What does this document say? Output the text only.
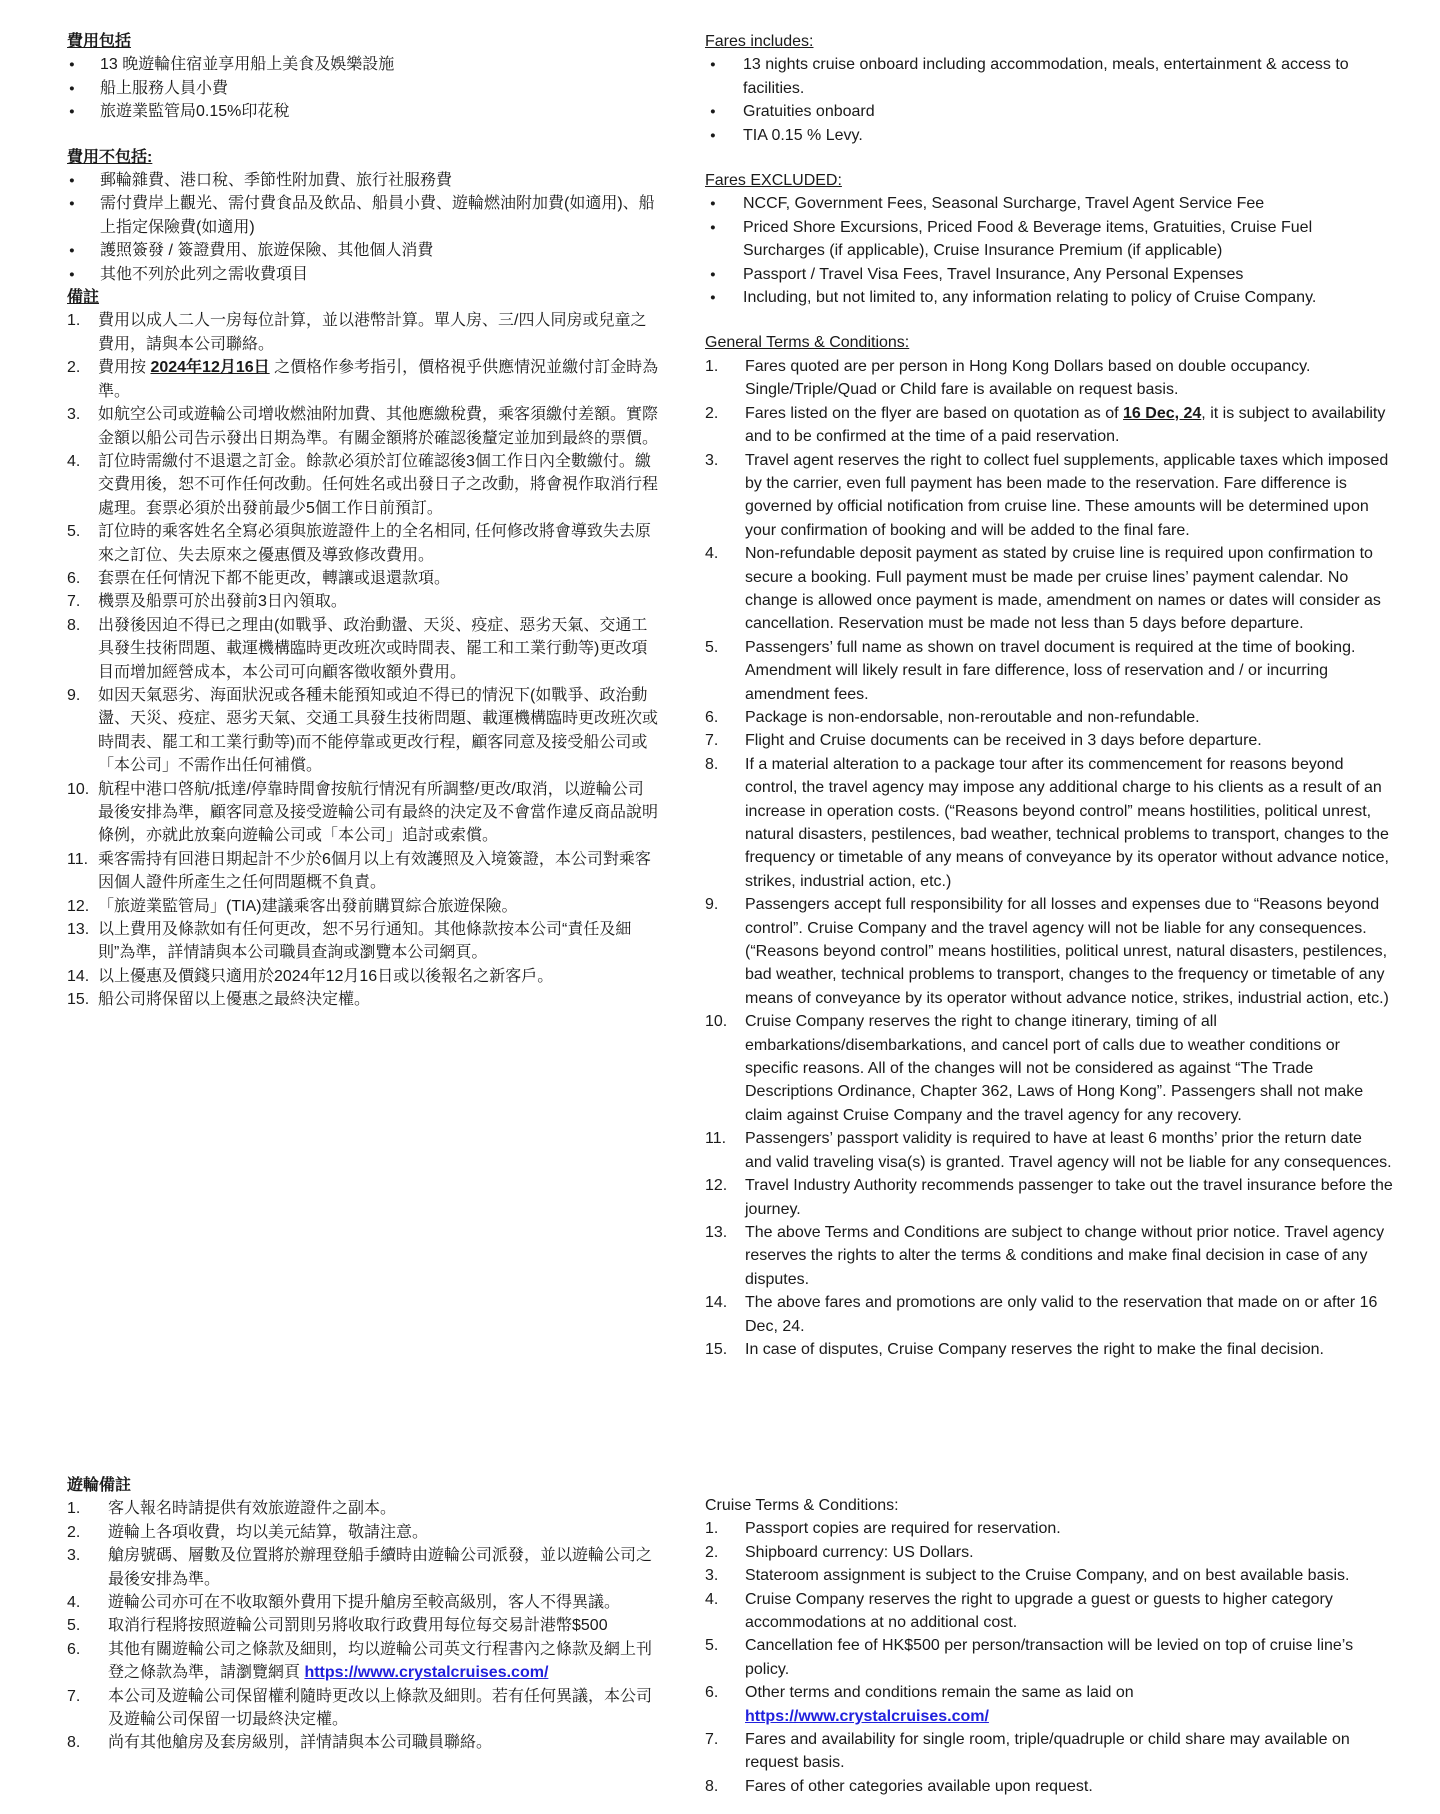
費用包括
● 13 晚遊輪住宿並享用船上美食及娛樂設施
● 船上服務人員小費
● 旅遊業監管局0.15%印花稅
費用不包括:
● 郵輪雜費、港口稅、季節性附加費、旅行社服務費
● 需付費岸上觀光、需付費食品及飲品、船員小費、遊輪燃油附加費(如適用)、船上指定保險費(如適用)
● 護照簽發 / 簽證費用、旅遊保險、其他個人消費
● 其他不列於此列之需收費項目
備註
1. 費用以成人二人一房每位計算，並以港幣計算。單人房、三/四人同房或兒童之費用，請與本公司聯絡。
2. 費用按 2024年12月16日 之價格作參考指引，價格視乎供應情況並繳付訂金時為準。
3. 如航空公司或遊輪公司增收燃油附加費、其他應繳稅費，乘客須繳付差額。實際金額以船公司告示發出日期為準。有關金額將於確認後釐定並加到最終的票價。
4. 訂位時需繳付不退還之訂金。餘款必須於訂位確認後3個工作日內全數繳付。繳交費用後，恕不可作任何改動。任何姓名或出發日子之改動，將會視作取消行程處理。套票必須於出發前最少5個工作日前預訂。
5. 訂位時的乘客姓名全寫必須與旅遊證件上的全名相同, 任何修改將會導致失去原來之訂位、失去原來之優惠價及導致修改費用。
6. 套票在任何情況下都不能更改，轉讓或退還款項。
7. 機票及船票可於出發前3日內領取。
8. 出發後因迫不得已之理由(如戰爭、政治動盪、天災、疫症、惡劣天氣、交通工具發生技術問題、載運機構臨時更改班次或時間表、罷工和工業行動等)更改項目而增加經營成本，本公司可向顧客徵收額外費用。
9. 如因天氣惡劣、海面狀況或各種未能預知或迫不得已的情況下(如戰爭、政治動盪、天災、疫症、惡劣天氣、交通工具發生技術問題、載運機構臨時更改班次或時間表、罷工和工業行動等)而不能停靠或更改行程，顧客同意及接受船公司或「本公司」不需作出任何補償。
10. 航程中港口啓航/抵達/停靠時間會按航行情況有所調整/更改/取消，以遊輪公司最後安排為準，顧客同意及接受遊輪公司有最終的決定及不會當作違反商品說明條例，亦就此放棄向遊輪公司或「本公司」追討或索償。
11. 乘客需持有回港日期起計不少於6個月以上有效護照及入境簽證，本公司對乘客因個人證件所產生之任何問題概不負責。
12. 「旅遊業監管局」(TIA)建議乘客出發前購買綜合旅遊保險。
13. 以上費用及條款如有任何更改，恕不另行通知。其他條款按本公司“責任及細則”為準，詳情請與本公司職員查詢或瀏覽本公司網頁。
14. 以上優惠及價錢只適用於2024年12月16日或以後報名之新客戶。
15. 船公司將保留以上優惠之最終決定權。
遊輪備註
1. 客人報名時請提供有效旅遊證件之副本。
2. 遊輪上各項收費，均以美元結算，敬請注意。
3. 艙房號碼、層數及位置將於辦理登船手續時由遊輪公司派發，並以遊輪公司之最後安排為準。
4. 遊輪公司亦可在不收取額外費用下提升艙房至較高級別，客人不得異議。
5. 取消行程將按照遊輪公司罰則另將收取行政費用每位每交易計港幣$500
6. 其他有關遊輪公司之條款及細則，均以遊輪公司英文行程書內之條款及網上刊登之條款為準，請瀏覽網頁 https://www.crystalcruises.com/
7. 本公司及遊輪公司保留權利隨時更改以上條款及細則。若有任何異議，本公司及遊輪公司保留一切最終決定權。
8. 尚有其他艙房及套房級別，詳情請與本公司職員聯絡。
Fares includes:
● 13 nights cruise onboard including accommodation, meals, entertainment & access to facilities.
● Gratuities onboard
● TIA 0.15 % Levy.
Fares EXCLUDED:
● NCCF, Government Fees, Seasonal Surcharge, Travel Agent Service Fee
● Priced Shore Excursions, Priced Food & Beverage items, Gratuities, Cruise Fuel Surcharges (if applicable), Cruise Insurance Premium (if applicable)
● Passport / Travel Visa Fees, Travel Insurance, Any Personal Expenses
● Including, but not limited to, any information relating to policy of Cruise Company.
General Terms & Conditions:
1. Fares quoted are per person in Hong Kong Dollars based on double occupancy. Single/Triple/Quad or Child fare is available on request basis.
2. Fares listed on the flyer are based on quotation as of 16 Dec, 24, it is subject to availability and to be confirmed at the time of a paid reservation.
3. Travel agent reserves the right to collect fuel supplements, applicable taxes which imposed by the carrier, even full payment has been made to the reservation. Fare difference is governed by official notification from cruise line. These amounts will be determined upon your confirmation of booking and will be added to the final fare.
4. Non-refundable deposit payment as stated by cruise line is required upon confirmation to secure a booking. Full payment must be made per cruise lines’ payment calendar. No change is allowed once payment is made, amendment on names or dates will consider as cancellation. Reservation must be made not less than 5 days before departure.
5. Passengers’ full name as shown on travel document is required at the time of booking. Amendment will likely result in fare difference, loss of reservation and / or incurring amendment fees.
6. Package is non-endorsable, non-reroutable and non-refundable.
7. Flight and Cruise documents can be received in 3 days before departure.
8. If a material alteration to a package tour after its commencement for reasons beyond control, the travel agency may impose any additional charge to his clients as a result of an increase in operation costs. (“Reasons beyond control” means hostilities, political unrest, natural disasters, pestilences, bad weather, technical problems to transport, changes to the frequency or timetable of any means of conveyance by its operator without advance notice, strikes, industrial action, etc.)
9. Passengers accept full responsibility for all losses and expenses due to “Reasons beyond control”. Cruise Company and the travel agency will not be liable for any consequences. (“Reasons beyond control” means hostilities, political unrest, natural disasters, pestilences, bad weather, technical problems to transport, changes to the frequency or timetable of any means of conveyance by its operator without advance notice, strikes, industrial action, etc.)
10. Cruise Company reserves the right to change itinerary, timing of all embarkations/disembarkations, and cancel port of calls due to weather conditions or specific reasons. All of the changes will not be considered as against “The Trade Descriptions Ordinance, Chapter 362, Laws of Hong Kong”. Passengers shall not make claim against Cruise Company and the travel agency for any recovery.
11. Passengers’ passport validity is required to have at least 6 months’ prior the return date and valid traveling visa(s) is granted. Travel agency will not be liable for any consequences.
12. Travel Industry Authority recommends passenger to take out the travel insurance before the journey.
13. The above Terms and Conditions are subject to change without prior notice. Travel agency reserves the rights to alter the terms & conditions and make final decision in case of any disputes.
14. The above fares and promotions are only valid to the reservation that made on or after 16 Dec, 24.
15. In case of disputes, Cruise Company reserves the right to make the final decision.
Cruise Terms & Conditions:
1. Passport copies are required for reservation.
2. Shipboard currency: US Dollars.
3. Stateroom assignment is subject to the Cruise Company, and on best available basis.
4. Cruise Company reserves the right to upgrade a guest or guests to higher category accommodations at no additional cost.
5. Cancellation fee of HK$500 per person/transaction will be levied on top of cruise line’s policy.
6. Other terms and conditions remain the same as laid on
https://www.crystalcruises.com/
7. Fares and availability for single room, triple/quadruple or child share may available on request basis.
8. Fares of other categories available upon request.
